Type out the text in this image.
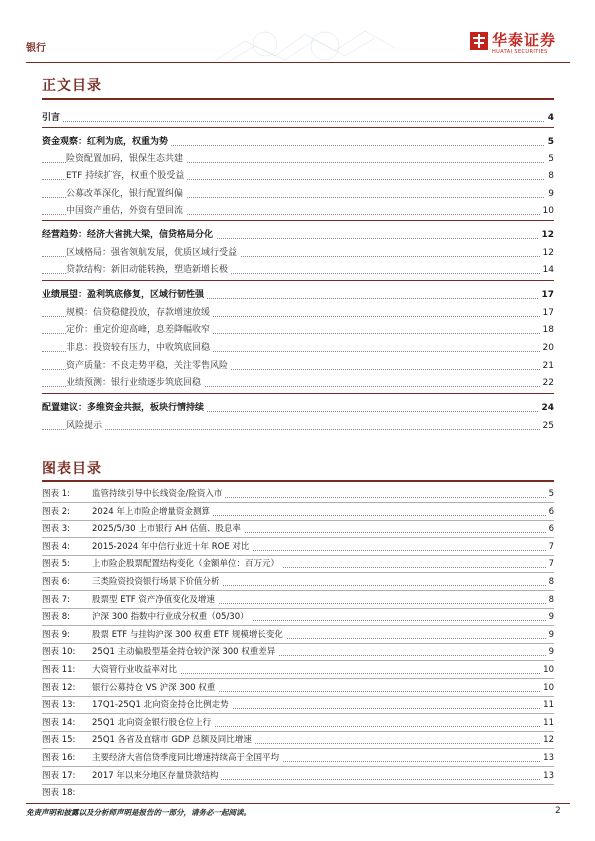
银行	华泰证券
HUATAI SECURITIES
正文目录
引言	4
资金观察：红利为底，权重为势	5
险资配置加码，银保生态共建	5
ETF 持续扩容，权重个股受益	8
公募改革深化，银行配置纠偏	9
中国资产重估，外资有望回流	10
经营趋势：经济大省挑大梁，信贷格局分化	12
区域格局：强省领航发展，优质区域行受益	12
贷款结构：新旧动能转换，塑造新增长极	14
业绩展望：盈利筑底修复，区域行韧性强	17
规模：信贷稳健投放，存款增速放缓	17
定价：重定价迎高峰，息差降幅收窄	18
非息：投资较有压力，中收筑底回稳	20
资产质量：不良走势平稳，关注零售风险	21
业绩预测：银行业绩逐步筑底回稳	22
配置建议：多维资金共振，板块行情持续	24
风险提示	25
图表目录
图表 1:	监管持续引导中长线资金/险资入市	5
图表 2:	2024 年上市险企增量资金测算	6
图表 3:	2025/5/30 上市银行 AH 估值、股息率	6
图表 4:	2015-2024 年中信行业近十年 ROE 对比	7
图表 5:	上市险企股票配置结构变化（金额单位：百万元）	7
图表 6:	三类险资投资银行场景下价值分析	8
图表 7:	股票型 ETF 资产净值变化及增速	8
图表 8:	沪深 300 指数中行业成分权重（05/30）	9
图表 9:	股票 ETF 与挂钩沪深 300 权重 ETF 规模增长变化	9
图表 10: 25Q1 主动偏股型基金持仓较沪深 300 权重差异	9
图表 11: 大资管行业收益率对比	10
图表 12: 银行公募持仓 VS 沪深 300 权重	10
图表 13: 17Q1-25Q1 北向资金持仓比例走势	11
图表 14: 25Q1 北向资金银行股仓位上行	11
图表 15: 25Q1 各省及直辖市 GDP 总额及同比增速	12
图表 16: 主要经济大省信贷季度同比增速持续高于全国平均	13
图表 17: 2017 年以来分地区存量贷款结构	13
图表 18:
免责声明和披露以及分析师声明是报告的一部分，请务必一起阅读。	2
